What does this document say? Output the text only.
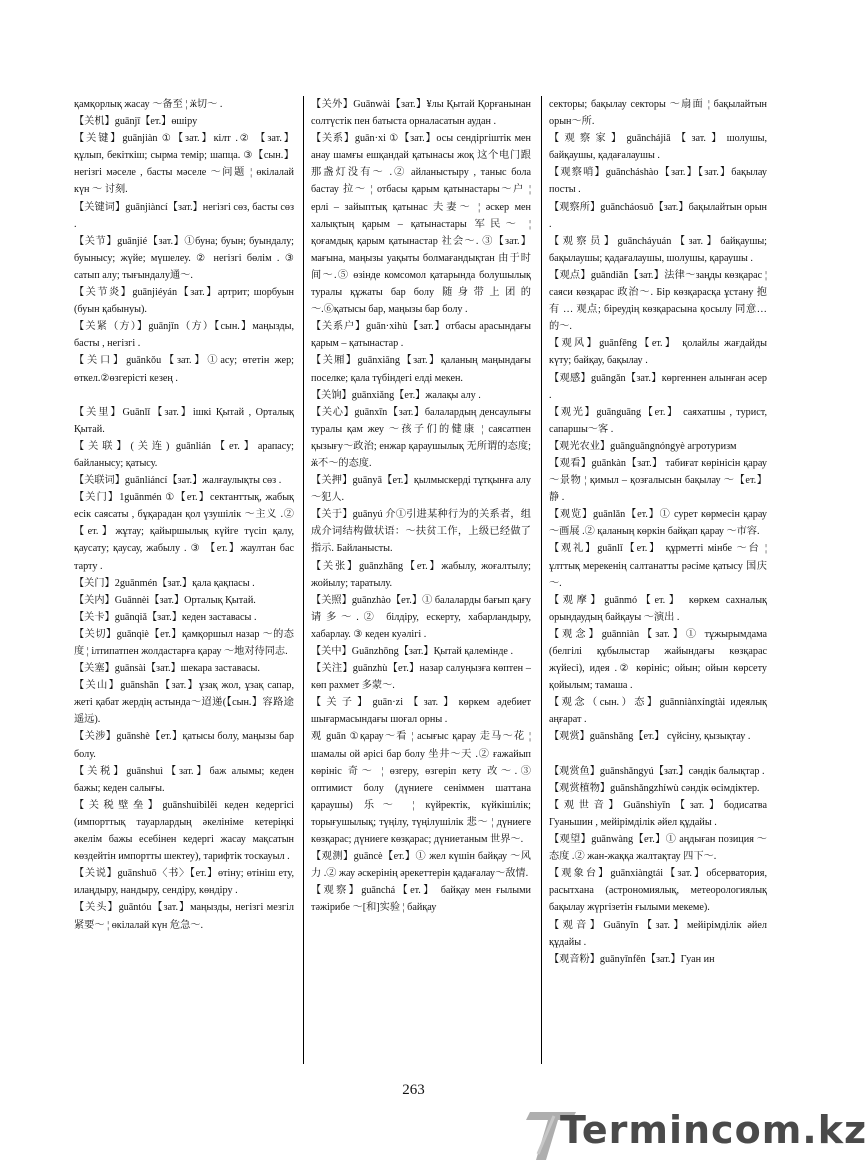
қамқорлық жасау ～备至 ¦ ӂ切～ .

【关机】guānjī【ет.】өшіру

【关键】guānjiàn ①【зат.】кілт .② 【зат.】құлып, бекіткіш; сырма темір; шапца. ③【сын.】 негізгі мәселе , басты мәселе ～问题 ¦ өкілалай күн ～ 讨刻.

【关键词】guānjiàncí【зат.】негізгі сөз, басты сөз .

【关节】guānjié【зат.】①буна; буын; буындалу; буынысу; жүйе; мүшелеу. ② негізгі бөлім . ③ сатып алу; тығындалу通～.

【关节炎】guānjiéyán【зат.】артрит; шорбуын (буын қабынуы).

【关紧（方）】guānjǐn（方）【сын.】маңызды, басты , негізгі .

【关口】guānkǒu【зат.】①асу; өтетін жер; өткел.②өзгерісті кезең .

【关里】Guānlǐ【зат.】ішкі Қытай , Орталық Қытай.

【关联】(关连) guānlián【ет.】арапасу; байланысу; қатысу.

【关联词】guānliáncí【зат.】жалғаулықты сөз .

【关门】1guānmén ①【ет.】сектанттық, жабық есік саясаты , бұқарадан қол үзушілік ～主义 .② 【ет.】жұтау; қайыршылық күйге түсіп қалу, қаусату; қаусау, жабылу . ③ 【ет.】жаултан бас тарту .

【关门】2guānmén【зат.】қала қақпасы .

【关内】Guānnèi【зат.】Орталық Қытай.

【关卡】guānqiǎ【зат.】кеден заставасы .

【关切】guānqiè【ет.】қамқоршыл назар ～的态度 ¦ ілтипатпен жолдастарға қарау ～地对待同志.

【关塞】guānsài【зат.】шекара заставасы.

【关山】guānshān【зат.】ұзақ жол, ұзақ сапар, жеті қабат жердің астында～迢递(【сын.】容路途遥远).

【关涉】guānshè【ет.】қатысы болу, маңызы бар болу.

【关税】guānshuì【зат.】баж алымы; кеден бажы; кеден салығы.

【关税壁垒】guānshuìbìlěi кеден кедергісі (импорттық тауарлардың әкелініме кетеріңкі әкелім бажы есебінен кедергі жасау мақсатын көздейтін импортты шектеу), тарифтік тоскауыл .

【关说】guānshuō〈书〉【ет.】өтіну; өтініш ету, илаңдыру, нандыру, сендіру, көндіру .

【关头】guāntóu【зат.】маңызды, негізгі мезгіл 紧要～ ¦ өкілалай күн 危急～.

【关外】Guānwài【зат.】¥лы Қытай Қорғанынан солтүстік пен батыста орналасатын аудан .

【关系】guān·xi ①【зат.】осы сендіргіштік мен анау шамғы ешқандай қатынасы жоқ 这个电门跟那盏灯没有～ .② айланыстыру , таныс бола бастау 拉～ ¦ отбасы қарым қатынастары～户 ¦ ерлі – зайыптық қатынас 夫妻～ ¦ әскер мен халықтың қарым – қатынастары 军民～ ¦ қоғамдық қарым қатынастар 社会～. ③【зат.】мағына, маңызы уақыты болмағандықтан 由于时间～.⑤ өзінде комсомол қатарында болушылық туралы құжаты бар болу 随身带上团的～.⑥қатысы бар, маңызы бар болу .

【关系户】guān·xihù【зат.】отбасы арасындағы қарым – қатынастар .

【关厢】guānxiāng【зат.】қаланың маңындағы поселке; қала түбіндегі елді мекен.

【关饷】guānxiǎng【ет.】жалақы алу .

【关心】guānxīn【зат.】балалардың денсаулығы туралы қам жеу ～孩子们的健康 ¦ саясатпен қызығу～政治; енжар қараушылық 无所谓的态度; ӂ不～的态度.

【关押】guānyā【ет.】қылмыскерді тұтқынға алу ～犯人.

【关于】guānyú 介①引进某种行为的关系者，组成介词结构做状语：～扶贫工作，上级已经做了指示. Байланысты.

【关张】guānzhāng【ет.】жабылу, жоғалтылу; жойылу; таратылу.

【关照】guānzhào【ет.】① балаларды бағып қағу 请多～.② білдіру, ескерту, хабарландыру, хабарлау. ③ кеден куәлігі .

【关中】Guānzhōng【зат.】Қытай қалемінде .

【关注】guānzhù【ет.】назар салуңызға көптен – көп рахмет 多蒙～.

【关子】guān·zi【зат.】көркем әдебиет шығармасындағы шоғал орны .

观 guān ①қарау～看 ¦ асығыс қарау 走马～花 ¦ шамалы ой әрісі бар болу 坐井～天 .② ғажайып көрініс 奇～ ¦ өзгеру, өзгеріп кету 改～.③ оптимист болу (дүниеге сеніммен шаттана қараушы) 乐～ ¦ күйректік, күйкішілік; торығушылық; түңілу, түңілушілік 悲～ ¦ дүниеге көзқарас; дүниеге көзқарас; дүниетаным 世界～.

【观测】guāncè【ет.】① жел күшін байқау ～风力 .② жау әскерінің әрекеттерін қадағалау～敌情.

【观察】guānchá【ет.】 байқау мен ғылыми тәжірибе ～[和]实验 ¦ байқау

секторы; бақылау секторы ～扇面 ¦ бақылайтын орын～所.

【观察家】guānchájiā【зат.】шолушы, байқаушы, қадағалаушы .

【观察哨】guāncháshào【зат.】【зат.】бақылау посты .

【观察所】guāncháosuǒ【зат.】бақылайтын орын .

【观察员】guāncháyuán【зат.】байқаушы; бақылаушы; қадағалаушы, шолушы, қараушы .

【观点】guāndiǎn【зат.】法律～заңды көзқарас ¦ саяси көзқарас 政治～. Бір көзқарасқа ұстану 抱有 … 观点; біреудің көзқарасына қосылу 同意…的～.

【观风】guānfēng【ет.】 қолайлы жағдайды күту; байқау, бақылау .

【观感】guāngǎn【зат.】көргеннен алынған әсер .

【观光】guānguāng【ет.】 саяхатшы , турист, сапаршы～客 .

【观光农业】guānguāngnóngyè агротуризм

【观看】guānkàn【зат.】 табиғат көрінісін қарау ～景物 ¦ қимыл – қозғалысын бақылау ～【ет.】静 .

【观览】guānlǎn【ет.】① сурет көрмесін қарау ～画展 .② қаланың көркін байқап қарау ～市容.

【观礼】guānlǐ【ет.】 құрметті мінбе ～台 ¦ ұлттық мерекенің салтанатты рәсіме қатысу 国庆～.

【观摩】guānmó【ет.】 көркем сахналық орындаудың байқауы ～演出 .

【观念】guānniàn【зат.】① тұжырымдама (белгілі құбылыстар жайындағы көзқарас жүйесі), идея .② көрініс; ойын; ойын көрсету қойылым; тамаша .

【观念（сын.）态】guānniànxíngtài идеялық аңғарат .

【观赏】guānshǎng【ет.】 сүйсіну, қызықтау .

【观赏鱼】guānshǎngyú【зат.】сәндік балықтар .

【观赏植物】guānshǎngzhíwù сәндік өсімдіктер.

【观世音】Guānshìyīn【зат.】бодисатва Гуаньшин , мейірімділік әйел құдайы .

【观望】guānwàng【ет.】① аңдыған позиция ～态度 .② жан-жаққа жалтақтау 四下～.

【观象台】guānxiàngtái【зат.】обсерватория, расытхана (астрономиялық, метеорологиялық бақылау жүргізетін ғылыми мекеме).

【观音】Guānyīn【зат.】мейірімділік әйел құдайы .

【观音粉】guānyīnfěn【зат.】Гуан ин

263
Termincom.kz
